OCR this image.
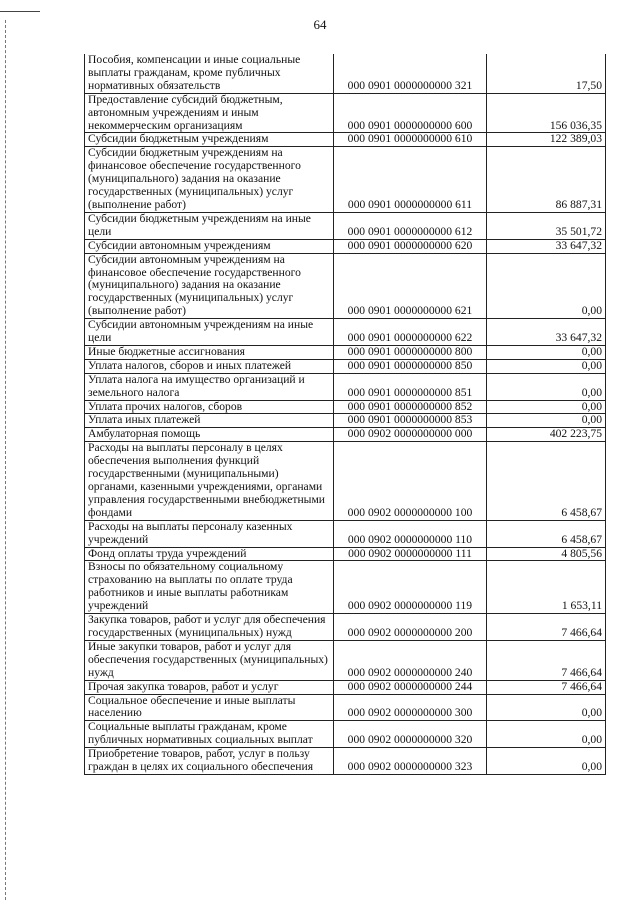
64
Пособия, компенсации и иные социальные выплаты гражданам, кроме публичных нормативных обязательств	000 0901 0000000000 321	17,50
Предоставление субсидий бюджетным, автономным учреждениям и иным некоммерческим организациям	000 0901 0000000000 600	156 036,35
Субсидии бюджетным учреждениям	000 0901 0000000000 610	122 389,03
Субсидии бюджетным учреждениям на финансовое обеспечение государственного (муниципального) задания на оказание государственных (муниципальных) услуг (выполнение работ)	000 0901 0000000000 611	86 887,31
Субсидии бюджетным учреждениям на иные цели	000 0901 0000000000 612	35 501,72
Субсидии автономным учреждениям	000 0901 0000000000 620	33 647,32
Субсидии автономным учреждениям на финансовое обеспечение государственного (муниципального) задания на оказание государственных (муниципальных) услуг (выполнение работ)	000 0901 0000000000 621	0,00
Субсидии автономным учреждениям на иные цели	000 0901 0000000000 622	33 647,32
Иные бюджетные ассигнования	000 0901 0000000000 800	0,00
Уплата налогов, сборов и иных платежей	000 0901 0000000000 850	0,00
Уплата налога на имущество организаций и земельного налога	000 0901 0000000000 851	0,00
Уплата прочих налогов, сборов	000 0901 0000000000 852	0,00
Уплата иных платежей	000 0901 0000000000 853	0,00
Амбулаторная помощь	000 0902 0000000000 000	402 223,75
Расходы на выплаты персоналу в целях обеспечения выполнения функций государственными (муниципальными) органами, казенными учреждениями, органами управления государственными внебюджетными фондами	000 0902 0000000000 100	6 458,67
Расходы на выплаты персоналу казенных учреждений	000 0902 0000000000 110	6 458,67
Фонд оплаты труда учреждений	000 0902 0000000000 111	4 805,56
Взносы по обязательному социальному страхованию на выплаты по оплате труда работников и иные выплаты работникам учреждений	000 0902 0000000000 119	1 653,11
Закупка товаров, работ и услуг для обеспечения государственных (муниципальных) нужд	000 0902 0000000000 200	7 466,64
Иные закупки товаров, работ и услуг для обеспечения государственных (муниципальных) нужд	000 0902 0000000000 240	7 466,64
Прочая закупка товаров, работ и услуг	000 0902 0000000000 244	7 466,64
Социальное обеспечение и иные выплаты населению	000 0902 0000000000 300	0,00
Социальные выплаты гражданам, кроме публичных нормативных социальных выплат	000 0902 0000000000 320	0,00
Приобретение товаров, работ, услуг в пользу граждан в целях их социального обеспечения	000 0902 0000000000 323	0,00
